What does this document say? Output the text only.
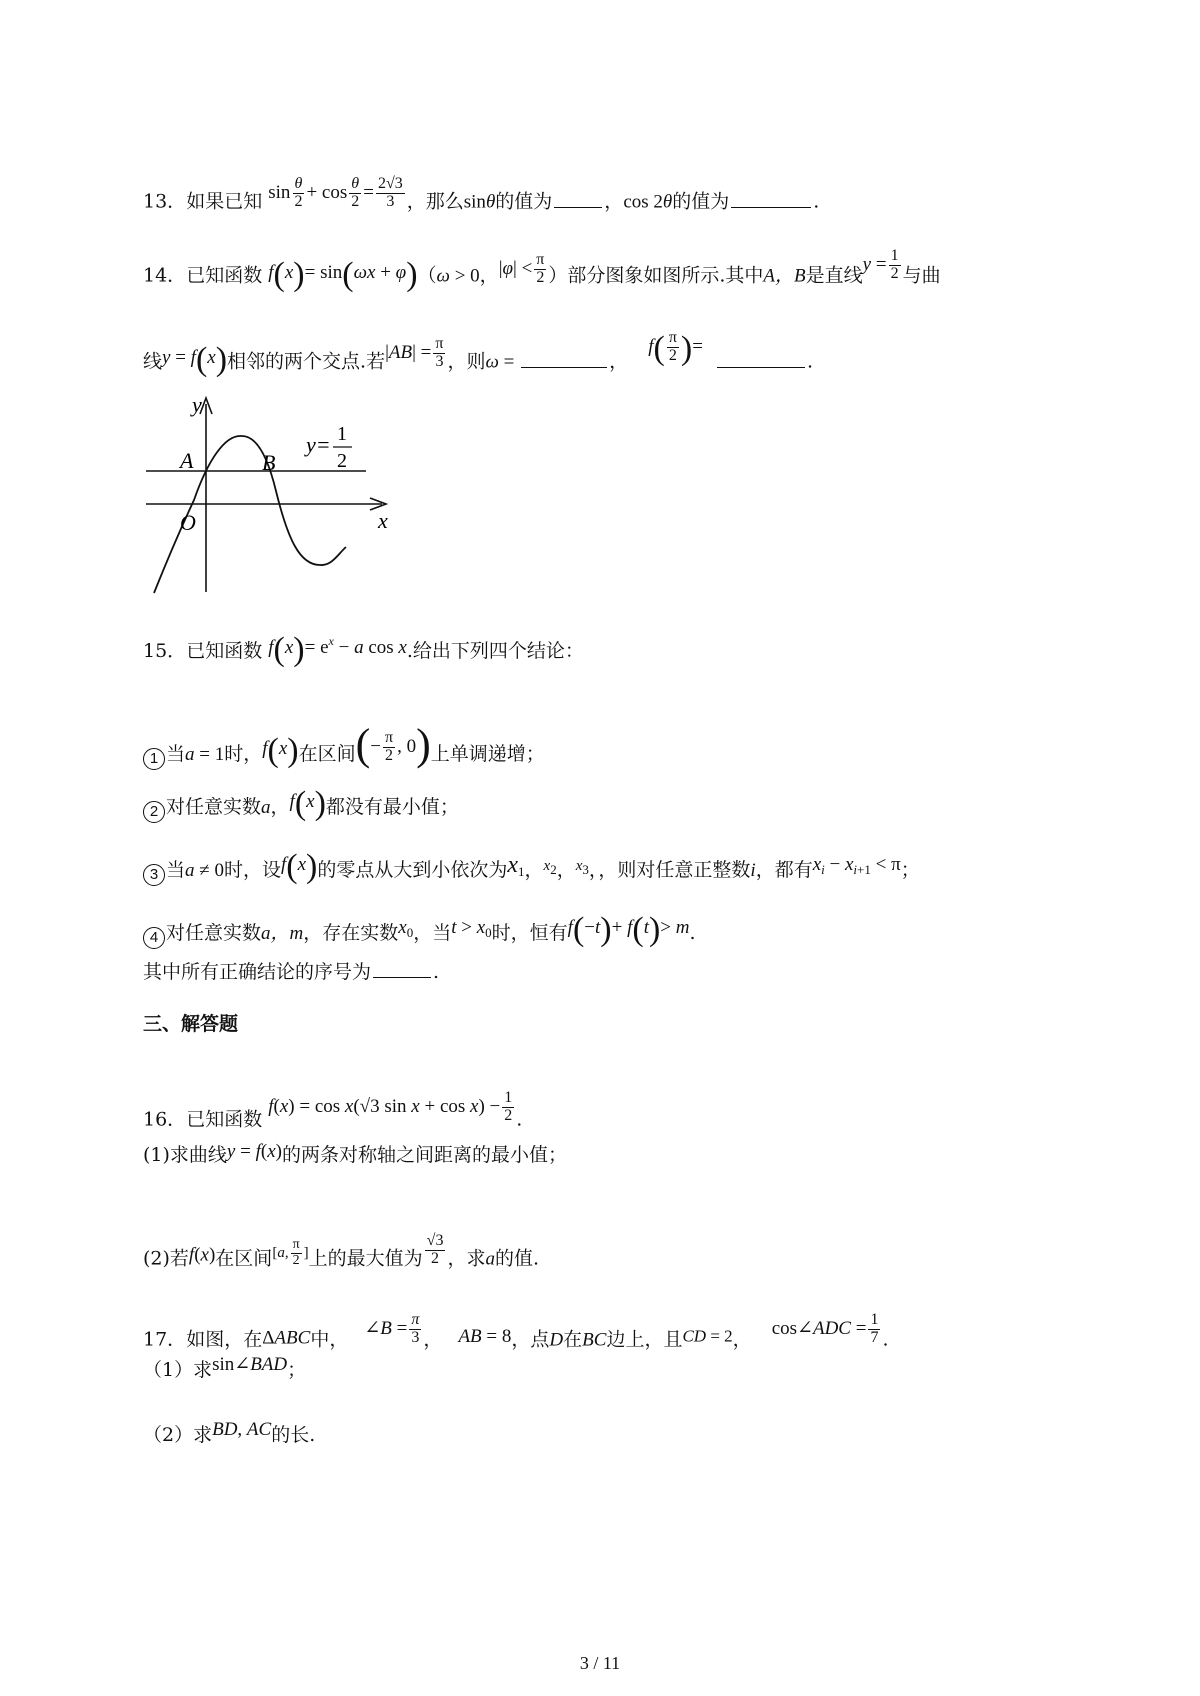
13．如果已知 $\sin \frac{\theta}{2} + \cos \frac{\theta}{2} = \frac{2√3}{3}$ ，那么sinθ的值为	，cos 2θ的值为	.
14．已知函数 f(x)= sin(ωx + φ)（ω > 0，$|\varphi| < \frac{\pi}{2}$ ）部分图象如图所示.其中A，B是直线$y = \frac{1}{2}$ 与曲
线y = f(x)相邻的两个交点.若$|AB| = \frac{\pi}{3}$ ，则ω =	， $f( \frac{\pi}{2}$ )= .
y
x
O
A	B
y= 1
2
15．已知函数 $f(x)= e^x - a$ cos x.给出下列四个结论：
1 当a = 1时，f(x)在区间(− $\frac{\pi}{2}$ , 0)上单调递增；
2 对任意实数a，f(x)都没有最小值；
3 当a ≠ 0时，设f(x)的零点从大到小依次为$x_1$，$x_2$，$x_3$，，则对任意正整数i，都有$x_i - x_{i+1} < \pi$；
4 对任意实数a，m，存在实数$x_0$，当$t > x_0$时，恒有f(−t)+ f(t)> m.
其中所有正确结论的序号为	.
三、解答题
16．已知函数 f(x) = cos x(√3 $\sin x + \cos x) - \frac{1}{2}$ .
(1)求曲线y = f(x)的两条对称轴之间距离的最小值；
(2)若f(x)在区间[a, π
2 ]上的最大值为 $\frac{√3}{2}$ ，求a的值.
17．如图，在ΔABC中， ∠B = $\frac{\pi}{3}$ ， AB = 8，点D在BC边上，且CD = 2， cos∠ADC = $\frac{1}{7}$ .
（1）求sin∠BAD；
（2）求BD, AC的长.
3 / 11
